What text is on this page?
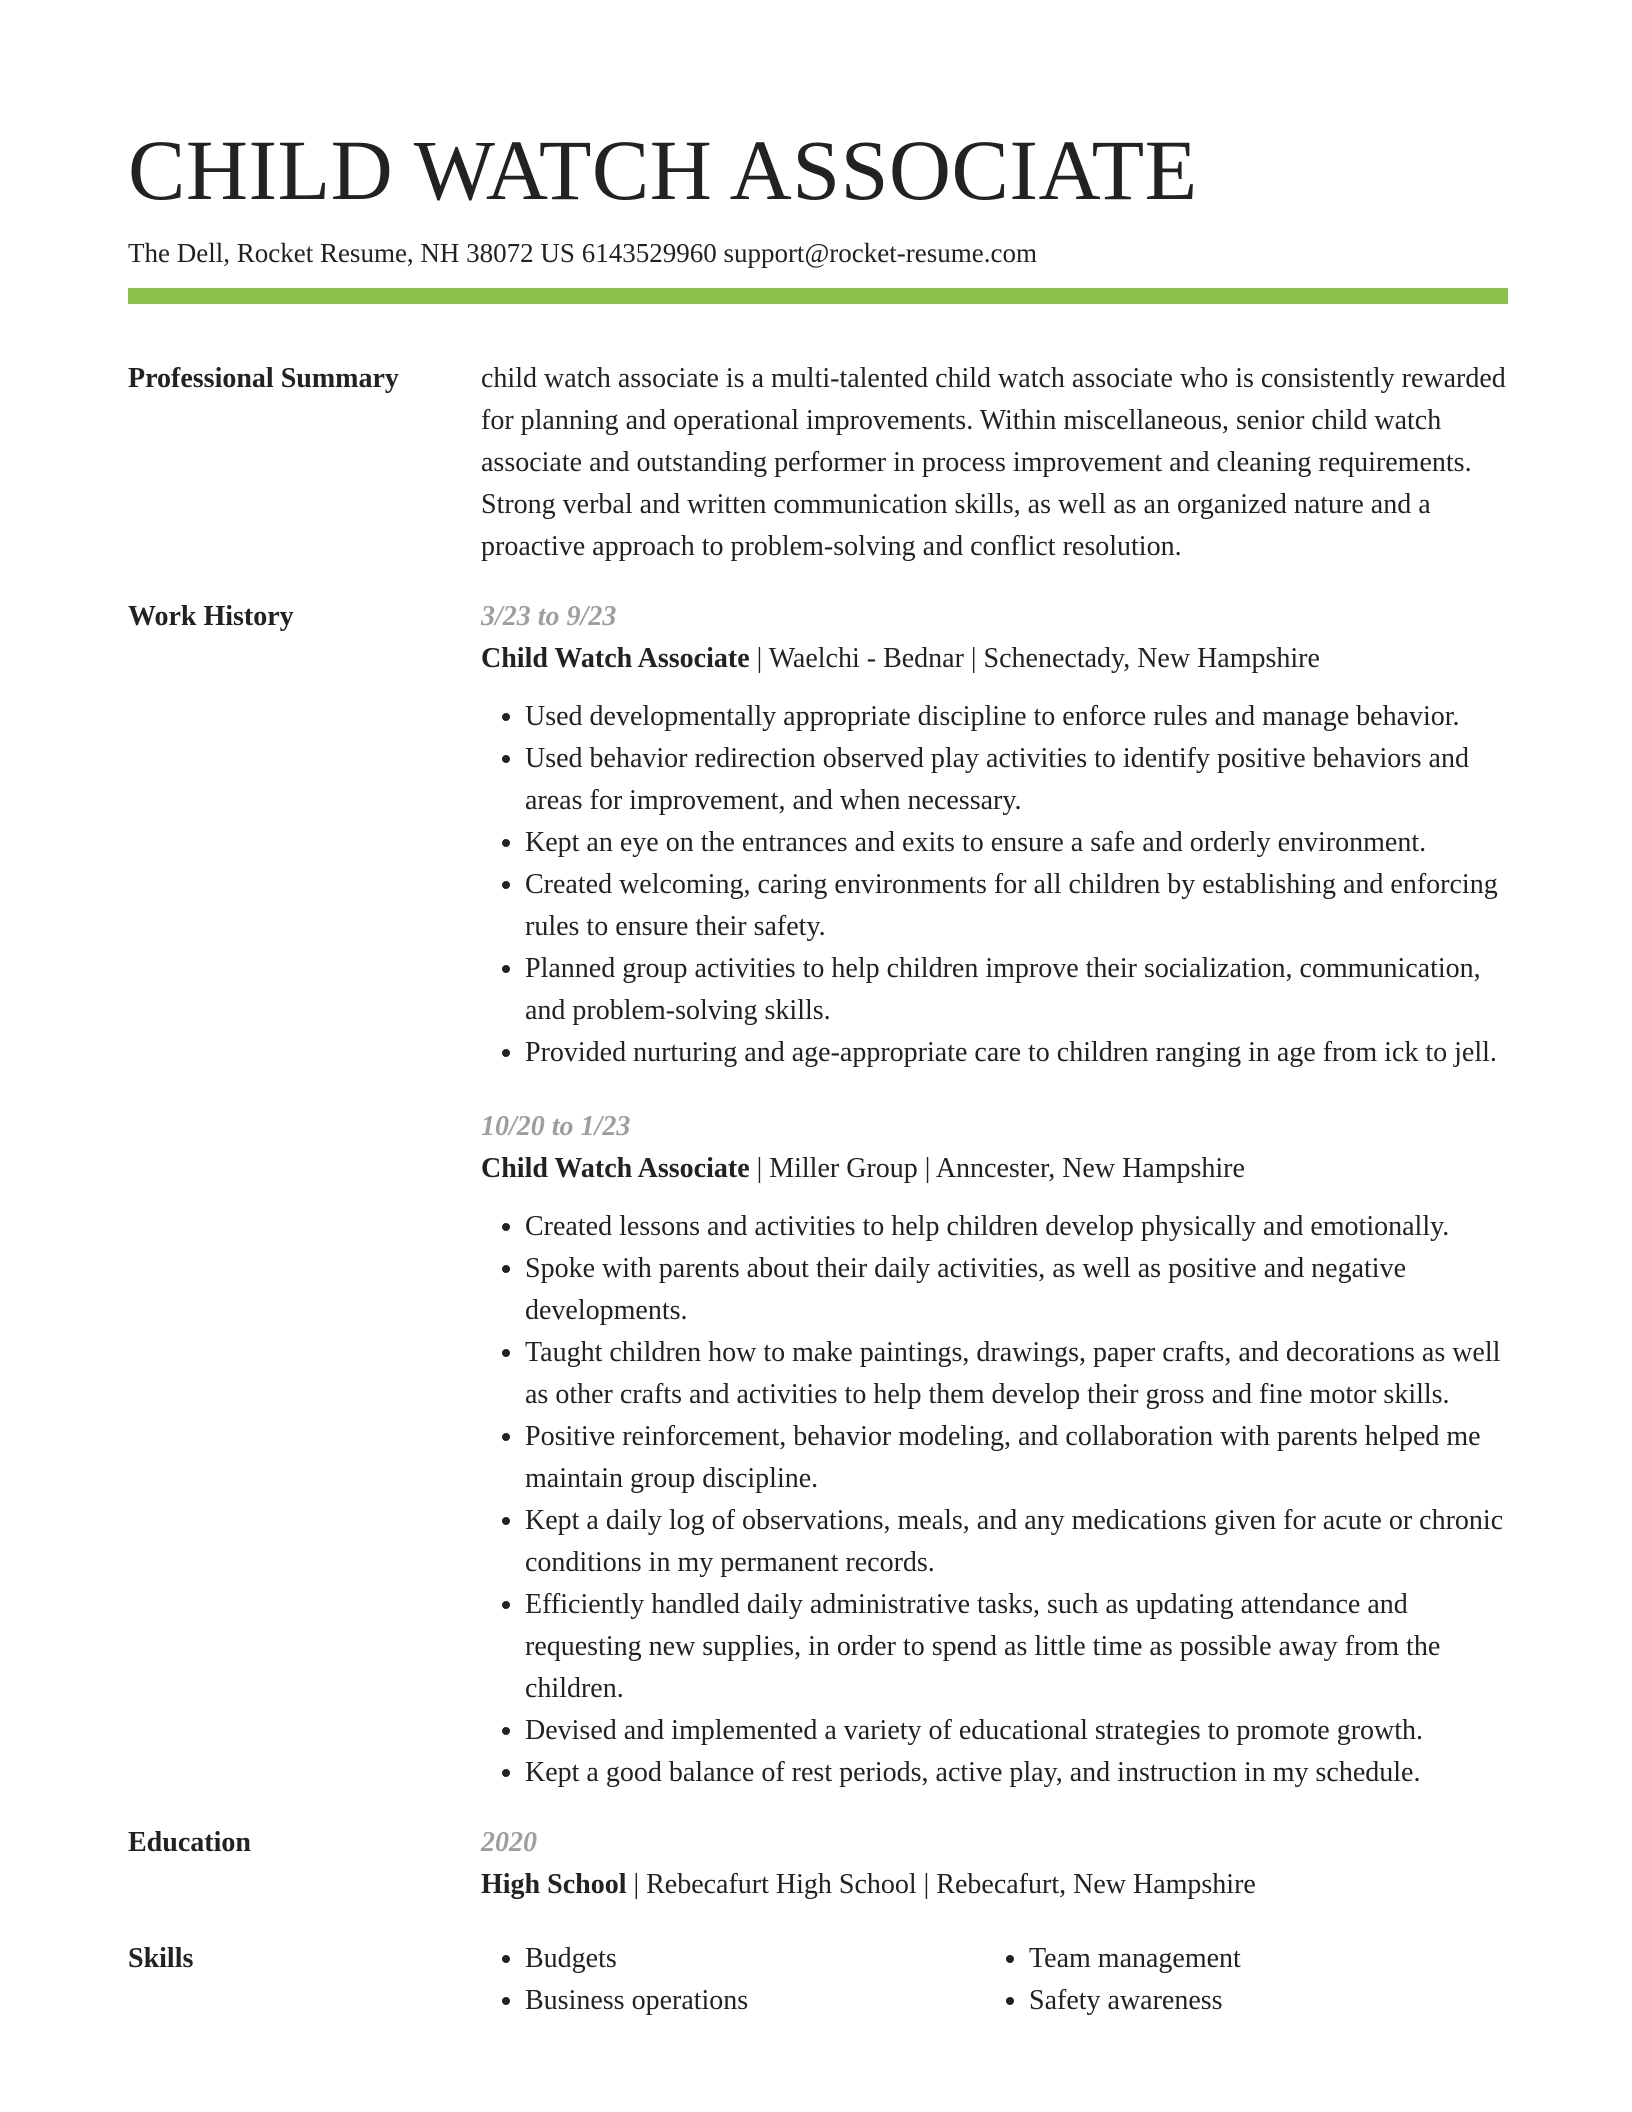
CHILD WATCH ASSOCIATE
The Dell, Rocket Resume, NH 38072 US 6143529960 support@rocket-resume.com
Professional Summary	child watch associate is a multi-talented child watch associate who is consistently rewarded for planning and operational improvements. Within miscellaneous, senior child watch associate and outstanding performer in process improvement and cleaning requirements. Strong verbal and written communication skills, as well as an organized nature and a proactive approach to problem-solving and conflict resolution.

Work History	3/23 to 9/23
Child Watch Associate | Waelchi - Bednar | Schenectady, New Hampshire
• Used developmentally appropriate discipline to enforce rules and manage behavior.
• Used behavior redirection observed play activities to identify positive behaviors and areas for improvement, and when necessary.
• Kept an eye on the entrances and exits to ensure a safe and orderly environment.
• Created welcoming, caring environments for all children by establishing and enforcing rules to ensure their safety.
• Planned group activities to help children improve their socialization, communication, and problem-solving skills.
• Provided nurturing and age-appropriate care to children ranging in age from ick to jell.
10/20 to 1/23
Child Watch Associate | Miller Group | Anncester, New Hampshire
• Created lessons and activities to help children develop physically and emotionally.
• Spoke with parents about their daily activities, as well as positive and negative developments.
• Taught children how to make paintings, drawings, paper crafts, and decorations as well as other crafts and activities to help them develop their gross and fine motor skills.
• Positive reinforcement, behavior modeling, and collaboration with parents helped me maintain group discipline.
• Kept a daily log of observations, meals, and any medications given for acute or chronic conditions in my permanent records.
• Efficiently handled daily administrative tasks, such as updating attendance and requesting new supplies, in order to spend as little time as possible away from the children.
• Devised and implemented a variety of educational strategies to promote growth.
• Kept a good balance of rest periods, active play, and instruction in my schedule.
Education	2020
High School | Rebecafurt High School | Rebecafurt, New Hampshire
Skills
•	Budgets
• Business operations
• Team management
• Safety awareness
